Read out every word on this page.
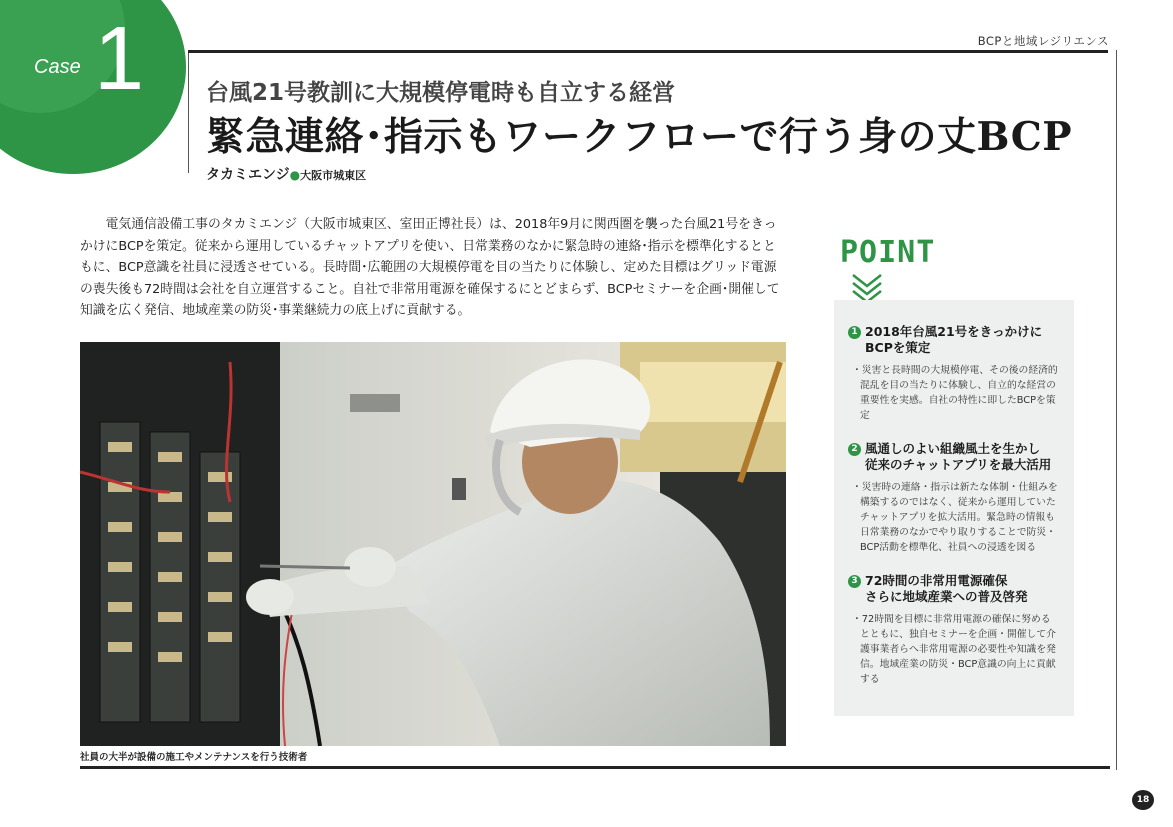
Case 1	BCPと地域レジリエンス
台風21号教訓に大規模停電時も自立する経営
緊急連絡･指示もワークフローで行う身の丈BCP
タカミエンジ●大阪市城東区

電気通信設備工事のタカミエンジ（大阪市城東区、室田正博社長）は、2018年9月に関西圏を襲った台風21号をきっかけにBCPを策定。従来から運用しているチャットアプリを使い、日常業務のなかに緊急時の連絡･指示を標準化するとともに、BCP意識を社員に浸透させている。長時間･広範囲の大規模停電を目の当たりに体験し、定めた目標はグリッド電源の喪失後も72時間は会社を自立運営すること。自社で非常用電源を確保するにとどまらず、BCPセミナーを企画･開催して知識を広く発信、地域産業の防災･事業継続力の底上げに貢献する。

社員の大半が設備の施工やメンテナンスを行う技術者
POINT
1 2018年台風21号をきっかけに
BCPを策定
・災害と長時間の大規模停電、その後の経済的混乱を目の当たりに体験し、自立的な経営の重要性を実感。自社の特性に即したBCPを策定
2 風通しのよい組織風土を生かし
従来のチャットアプリを最大活用
・災害時の連絡・指示は新たな体制・仕組みを構築するのではなく、従来から運用していたチャットアプリを拡大活用。緊急時の情報も日常業務のなかでやり取りすることで防災・BCP活動を標準化、社員への浸透を図る
3 72時間の非常用電源確保
さらに地域産業への普及啓発
・72時間を目標に非常用電源の確保に努めるとともに、独自セミナーを企画・開催して介護事業者らへ非常用電源の必要性や知識を発信。地域産業の防災・BCP意識の向上に貢献する
18
